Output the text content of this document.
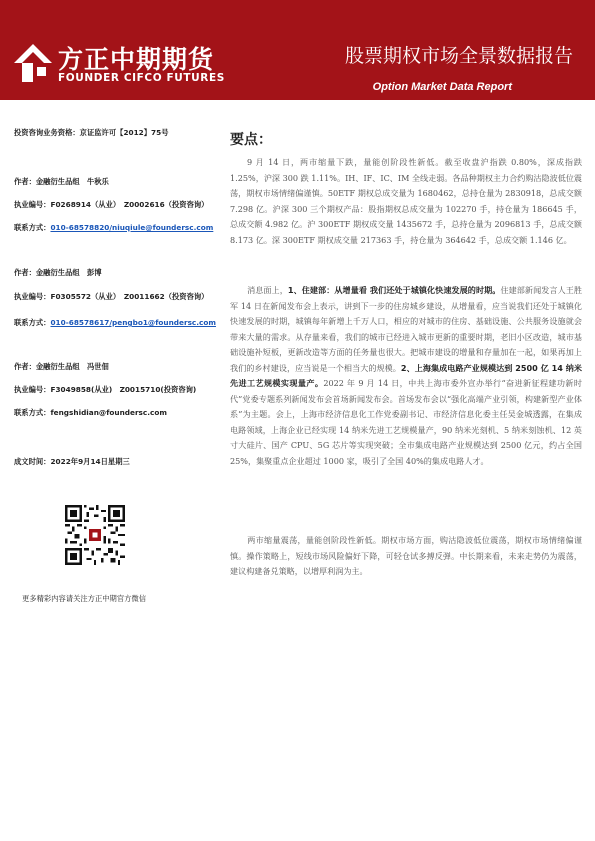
方正中期期货
FOUNDER CIFCO FUTURES
股票期权市场全景数据报告
Option Market Data Report
投资咨询业务资格：京证监许可【2012】75号
作者：金融衍生品组　牛秋乐
执业编号：F0268914（从业）　Z0002616（投资咨询）
联系方式：010-68578820/niuqiule@foundersc.com
作者：金融衍生品组　彭博
执业编号：F0305572（从业）　Z0011662（投资咨询）
联系方式：010-68578617/pengbo1@foundersc.com
作者：金融衍生品组　冯世佃
执业编号：F3049858(从业)　Z0015710(投资咨询)
联系方式：fengshidian@foundersc.com
成文时间：2022年9月14日星期三
更多精彩内容请关注方正中期官方微信
要点：
9 月 14 日，两市缩量下跌，量能创阶段性新低。截至收盘沪指跌 0.80%，深成指跌 1.25%，沪深 300 跌 1.11%。IH、IF、IC、IM 全线走弱。各品种期权主力合约购沽隐波低位震荡，期权市场情绪偏谨慎。50ETF 期权总成交量为 1680462，总持仓量为 2830918，总成交额 7.298 亿。沪深 300 三个期权产品：股指期权总成交量为 102270 手，持仓量为 186645 手，总成交额 4.982 亿。沪 300ETF 期权成交量 1435672 手，总持仓量为 2096813 手，总成交额 8.173 亿。深 300ETF 期权成交量 217363 手，持仓量为 364642 手，总成交额 1.146 亿。
消息面上，1、住建部：从增量看 我们还处于城镇化快速发展的时期。住建部新闻发言人王胜军 14 日在新闻发布会上表示，讲到下一步的住房城乡建设，从增量看，应当说我们还处于城镇化快速发展的时期，城镇每年新增上千万人口，相应的对城市的住房、基础设施、公共服务设施就会带来大量的需求。从存量来看，我们的城市已经进入城市更新的重要时期，老旧小区改造，城市基础设施补短板，更新改造等方面的任务量也很大。把城市建设的增量和存量加在一起，如果再加上我们的乡村建设，应当说是一个相当大的规模。2、上海集成电路产业规模达到 2500 亿 14 纳米先进工艺规模实现量产。2022 年 9 月 14 日，中共上海市委外宣办举行“奋进新征程建功新时代”党委专题系列新闻发布会首场新闻发布会。首场发布会以“强化高端产业引领，构建新型产业体系”为主题。会上，上海市经济信息化工作党委副书记、市经济信息化委主任吴金城透露，在集成电路领域，上海企业已经实现 14 纳米先进工艺规模量产，90 纳米光刻机、5 纳米刻蚀机、12 英寸大硅片、国产 CPU、5G 芯片等实现突破；全市集成电路产业规模达到 2500 亿元，约占全国 25%，集聚重点企业超过 1000 家，吸引了全国 40%的集成电路人才。
两市缩量震荡，量能创阶段性新低。期权市场方面，购沽隐波低位震荡，期权市场情绪偏谨慎。操作策略上，短线市场风险偏好下降，可轻仓试多搏反弹。中长期来看，未来走势仍为震荡，建议构建备兑策略，以增厚利润为主。
